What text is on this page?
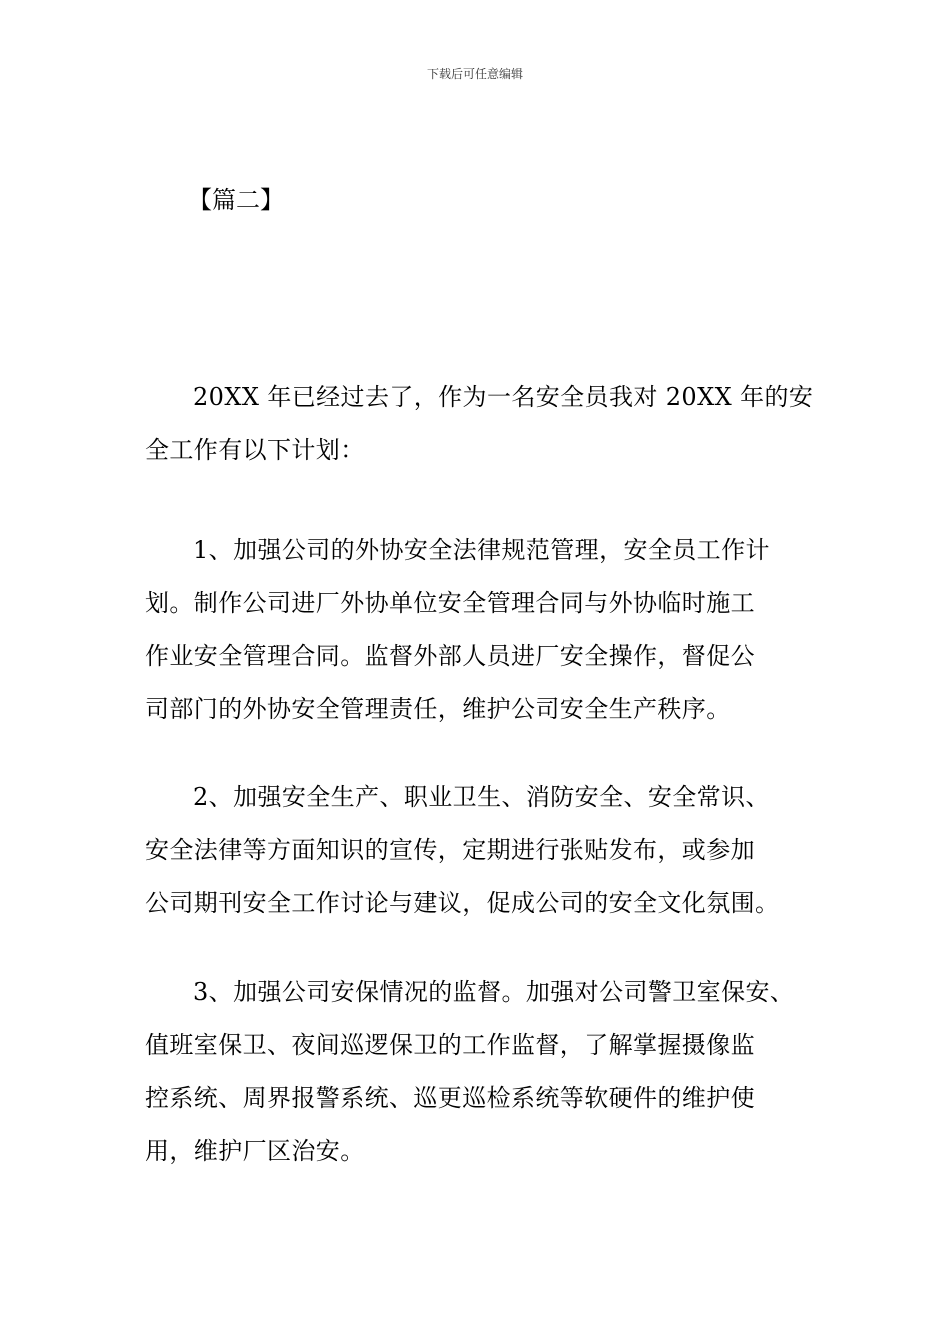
下载后可任意编辑
【篇二】

20XX 年已经过去了，作为一名安全员我对 20XX 年的安
全工作有以下计划：

1、加强公司的外协安全法律规范管理，安全员工作计
划。制作公司进厂外协单位安全管理合同与外协临时施工
作业安全管理合同。监督外部人员进厂安全操作，督促公
司部门的外协安全管理责任，维护公司安全生产秩序。

2、加强安全生产、职业卫生、消防安全、安全常识、
安全法律等方面知识的宣传，定期进行张贴发布，或参加
公司期刊安全工作讨论与建议，促成公司的安全文化氛围。

3、加强公司安保情况的监督。加强对公司警卫室保安、
值班室保卫、夜间巡逻保卫的工作监督，了解掌握摄像监
控系统、周界报警系统、巡更巡检系统等软硬件的维护使
用，维护厂区治安。
